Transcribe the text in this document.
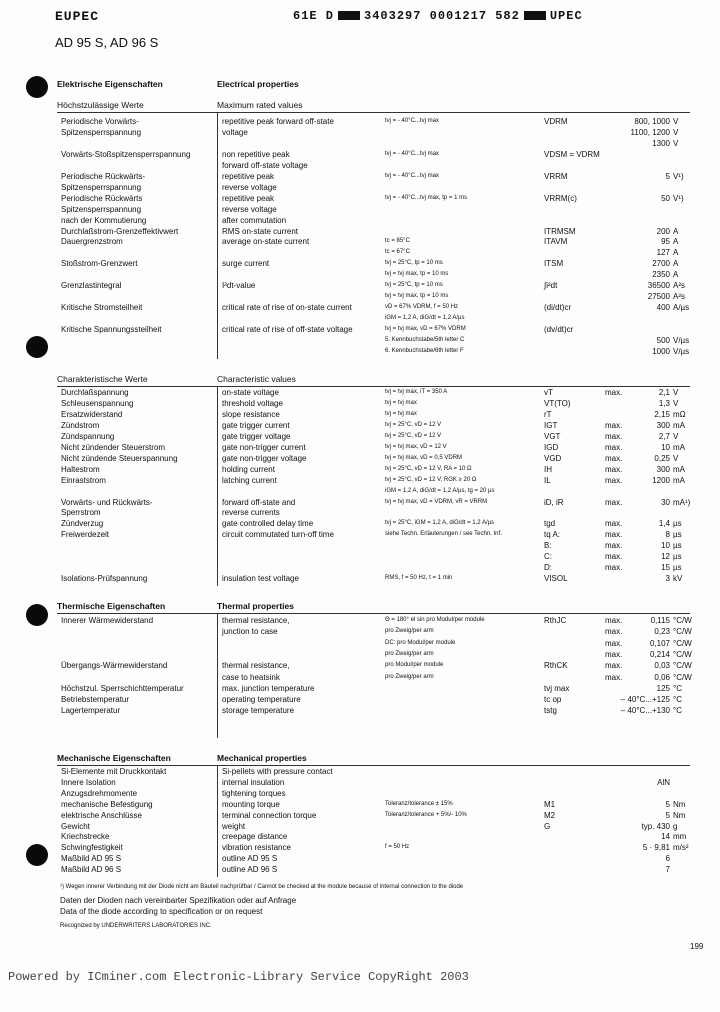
EUPEC	61E D	3403297 0001217 582	UPEC
AD 95 S, AD 96 S
Elektrische Eigenschaften	Electrical properties
Höchstzulässige Werte	Maximum rated values
Periodische Vorwärts-	repetitive peak forward off-state	tvj = - 40°C...tvj max	VDRM	800, 1000 V
Spitzensperrspannung	voltage	1100, 1200 V
1300 V
Vorwärts-Stoßspitzensperrspannung	non repetitive peak	tvj = - 40°C...tvj max	VDSM = VDRM
forward off-state voltage
Periodische Rückwärts-	repetitive peak	tvj = - 40°C...tvj max	VRRM	5 V¹)
Spitzensperrspannung	reverse voltage
Periodische Rückwärts	repetitive peak	tvj = - 40°C...tvj max, tp = 1 ms	VRRM(c)	50 V¹)
Spitzensperrspannung	reverse voltage
nach der Kommutierung	after commutation
Durchlaßstrom-Grenzeffektivwert	RMS on-state current	ITRMSM	200 A
Dauergrenzstrom	average on-state current	tc = 85°C	ITAVM	95 A
tc = 67°C	127 A
Stoßstrom-Grenzwert	surge current	tvj = 25°C, tp = 10 ms	ITSM	2700 A
tvj = tvj max, tp = 10 ms	2350 A
Grenzlastintegral	I²dt-value	tvj = 25°C, tp = 10 ms	∫i²dt	36500 A²s
tvj = tvj max, tp = 10 ms	27500 A²s
Kritische Stromsteilheit	critical rate of rise of on-state current	vD = 67% VDRM, f = 50 Hz	(di/dt)cr	400 A/µs
iGM = 1,2 A, diG/dt = 1,2 A/µs
Kritische Spannungssteilheit	critical rate of rise of off-state voltage	tvj = tvj max, vD = 67% VDRM	(dv/dt)cr
5. Kennbuchstabe/5th letter C	500 V/µs
6. Kennbuchstabe/6th letter F	1000 V/µs
Charakteristische Werte	Characteristic values
Durchlaßspannung	on-state voltage	tvj = tvj max, iT = 350 A	vT	max.	2,1 V
Schleusenspannung	threshold voltage	tvj = tvj max	VT(TO)	1,3 V
Ersatzwiderstand	slope resistance	tvj = tvj max	rT	2,15 mΩ
Zündstrom	gate trigger current	tvj = 25°C, vD = 12 V	IGT	max.	300 mA
Zündspannung	gate trigger voltage	tvj = 25°C, vD = 12 V	VGT	max.	2,7 V
Nicht zündender Steuerstrom	gate non-trigger current	tvj = tvj max, vD = 12 V	IGD	max.	10 mA
Nicht zündende Steuerspannung	gate non-trigger voltage	tvj = tvj max, vD = 0,5 VDRM	VGD	max.	0,25 V
Haltestrom	holding current	tvj = 25°C, vD = 12 V, RA = 10 Ω	IH	max.	300 mA
Einraststrom	latching current	tvj = 25°C, vD = 12 V, RGK ≥ 20 Ω	IL	max.	1200 mA
iGM = 1,2 A, diG/dt = 1,2 A/µs, tg = 20 µs
Vorwärts- und Rückwärts-	forward off-state and	tvj = tvj max, vD = VDRM, vR = VRRM	iD, iR	max.	30 mA¹)
Sperrstrom	reverse currents
Zündverzug	gate controlled delay time	tvj = 25°C, iGM = 1,2 A, diG/dt = 1,2 A/µs	tgd	max.	1,4 µs
Freiwerdezeit	circuit commutated turn-off time	siehe Techn. Erläuterungen / see Techn. Inf.	tq A:	max.	8 µs
B:	max.	10 µs
C:	max.	12 µs
D:	max.	15 µs
Isolations-Prüfspannung	insulation test voltage	RMS, f = 50 Hz, t = 1 min	VISOL	3 kV
Thermische Eigenschaften	Thermal properties
Innerer Wärmewiderstand	thermal resistance,	Θ = 180° el sin pro Modul/per module	RthJC	max.	0,115 °C/W
junction to case	pro Zweig/per arm	max.	0,23 °C/W
DC: pro Modul/per module	max.	0,107 °C/W
pro Zweig/per arm	max.	0,214 °C/W
Übergangs-Wärmewiderstand	thermal resistance,	pro Modul/per module	RthCK	max.	0,03 °C/W
case to heatsink	pro Zweig/per arm	max.	0,06 °C/W
Höchstzul. Sperrschichttemperatur	max. junction temperature	tvj max	125 °C
Betriebstemperatur	operating temperature	tc op	– 40°C...+125 °C
Lagertemperatur	storage temperature	tstg	– 40°C...+130 °C
Mechanische Eigenschaften	Mechanical properties
Si-Elemente mit Druckkontakt	Si-pellets with pressure contact
Innere Isolation	internal insulation	AlN
Anzugsdrehmomente	tightening torques
mechanische Befestigung	mounting torque	Toleranz/tolerance ± 15%	M1	5 Nm
elektrische Anschlüsse	terminal connection torque	Toleranz/tolerance + 5%/- 10%	M2	5 Nm
Gewicht	weight	G	typ. 430 g
Kriechstrecke	creepage distance	14 mm
Schwingfestigkeit	vibration resistance	f = 50 Hz	5 · 9,81 m/s²
Maßbild AD 95 S	outline AD 95 S	6
Maßbild AD 96 S	outline AD 96 S	7
¹) Wegen innerer Verbindung mit der Diode nicht am Bauteil nachprüfbar / Cannot be checked at the module because of internal connection to the diode
Daten der Dioden nach vereinbarter Spezifikation oder auf Anfrage
Data of the diode according to specification or on request
Recognized by UNDERWRITERS LABORATORIES INC.
199
Powered by ICminer.com Electronic-Library Service CopyRight 2003
